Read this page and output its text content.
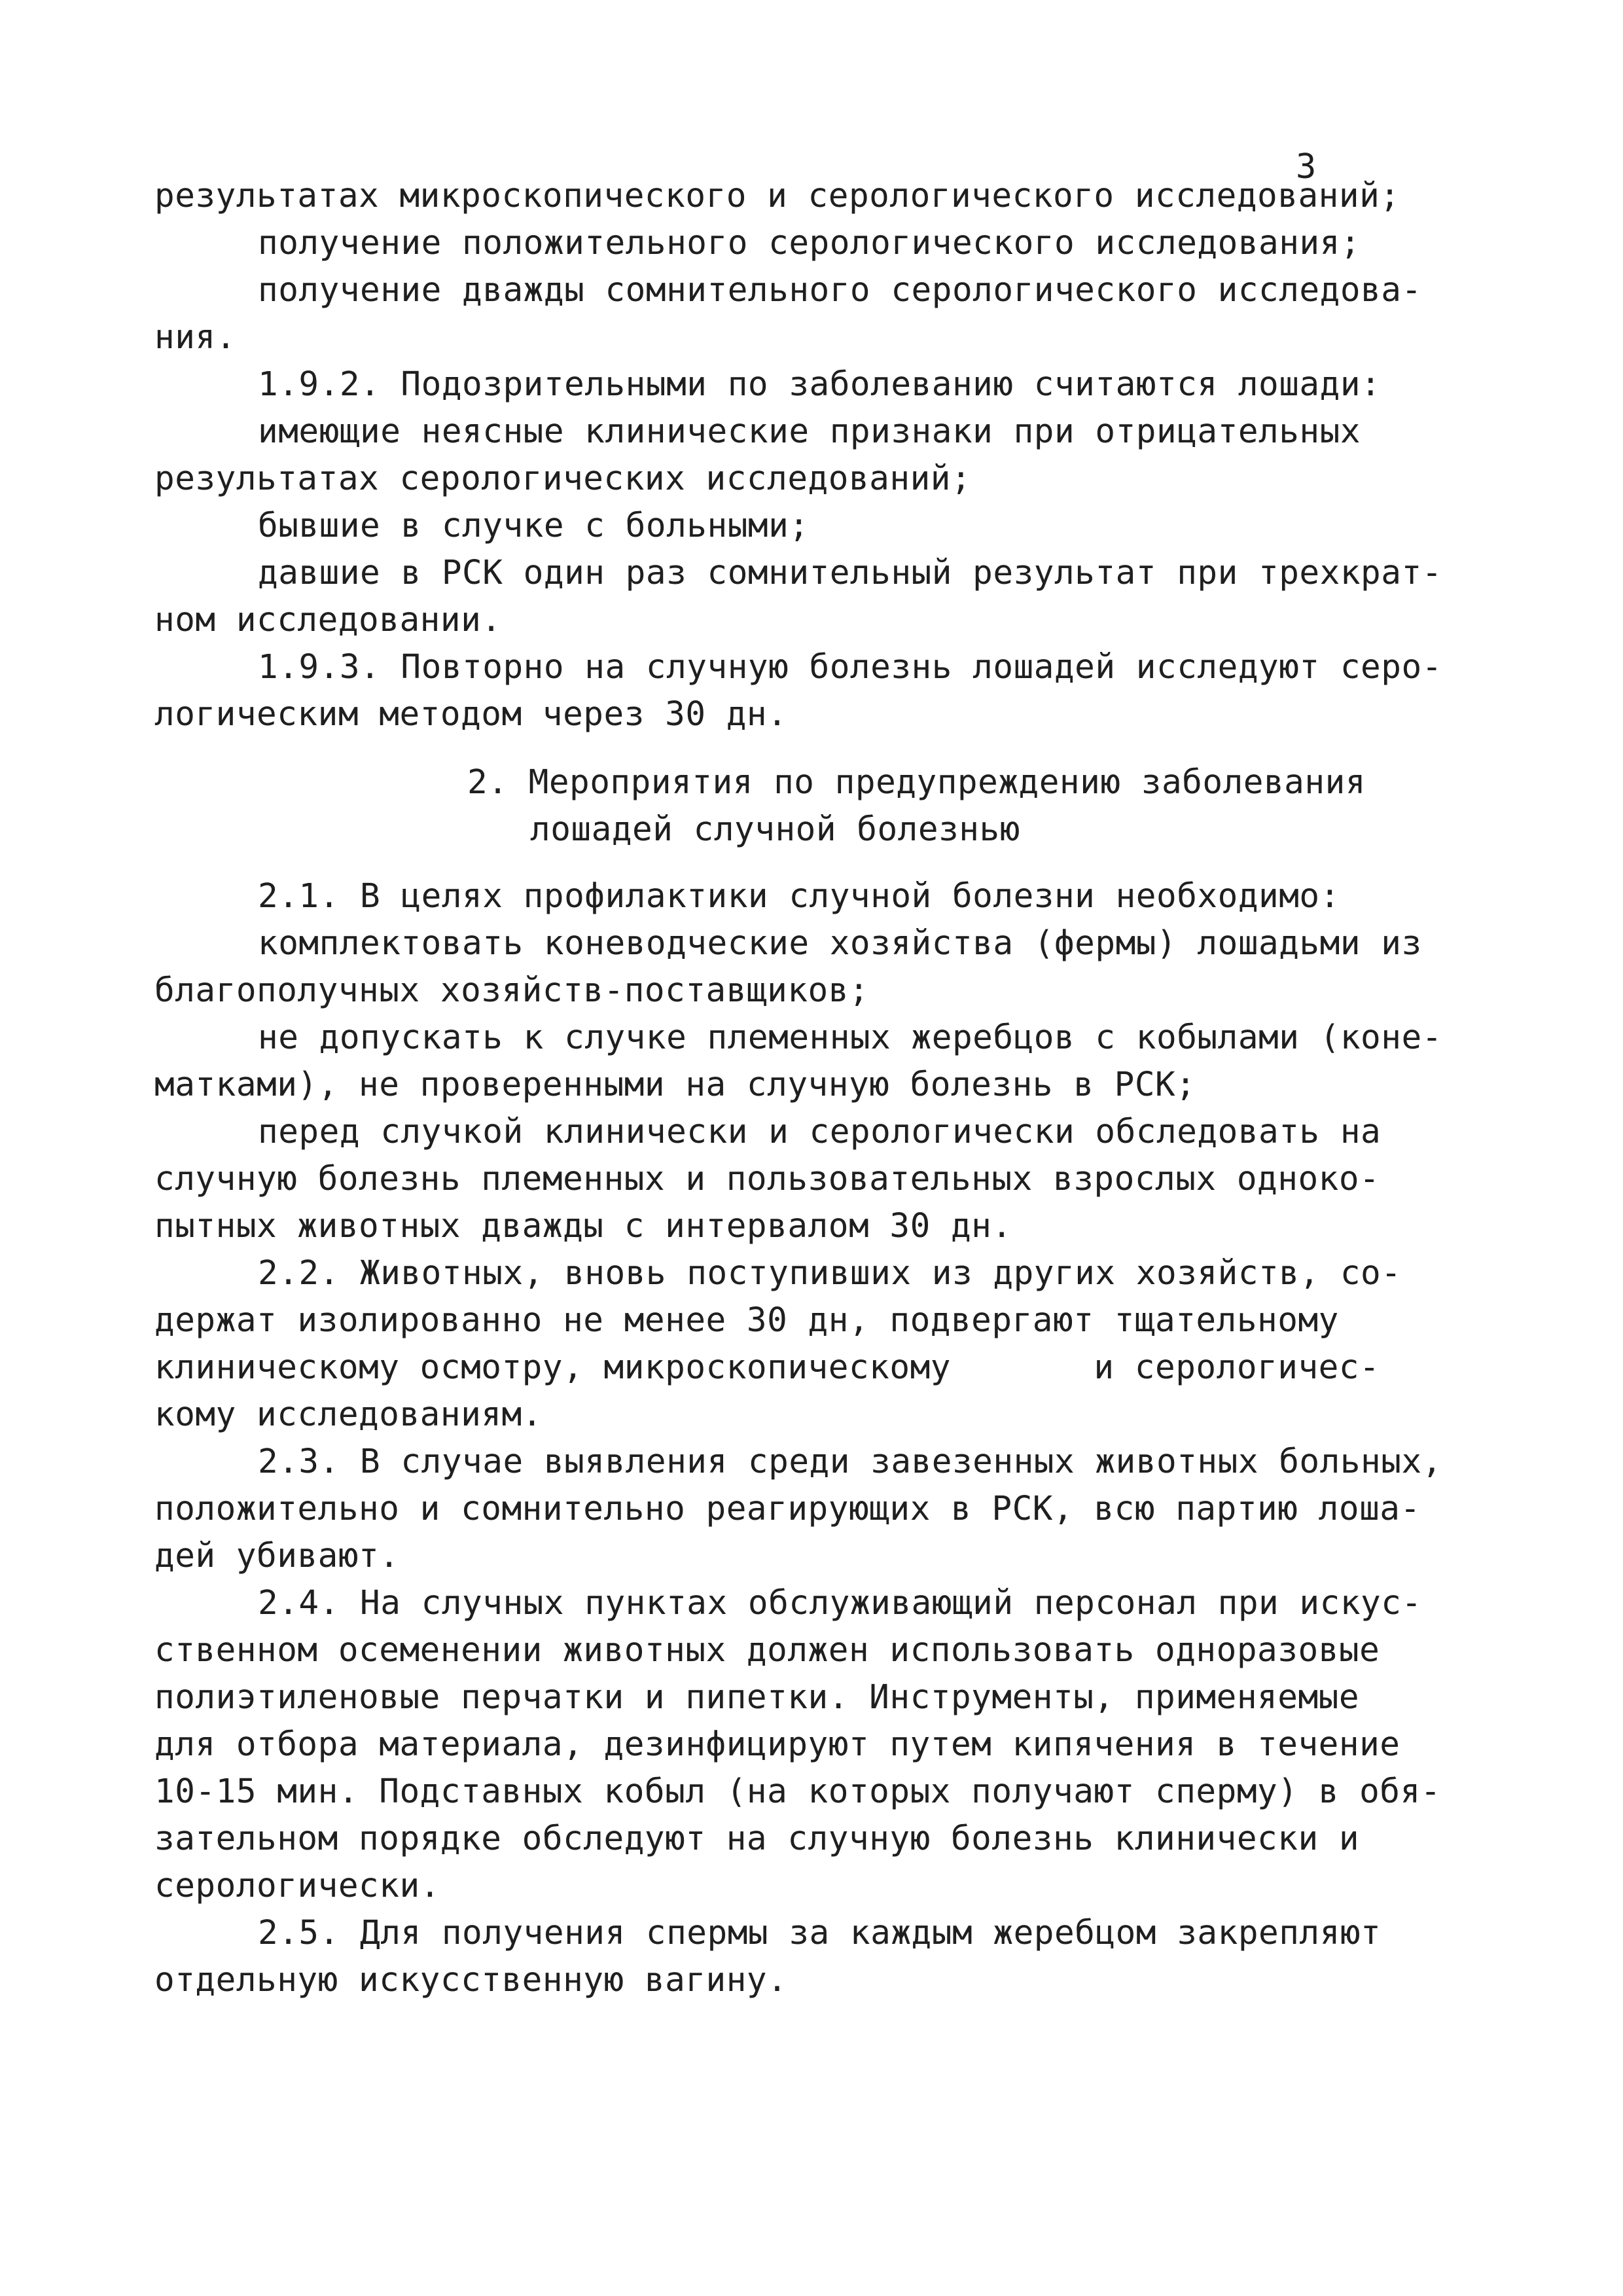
3
результатах микроскопического и серологического исследований;
получение положительного серологического исследования;
получение дважды сомнительного серологического исследова-
ния.
1.9.2. Подозрительными по заболеванию считаются лошади:
имеющие неясные клинические признаки при отрицательных
результатах серологических исследований;
бывшие в случке с больными;
давшие в РСК один раз сомнительный результат при трехкрат-
ном исследовании.
1.9.3. Повторно на случную болезнь лошадей исследуют серо-
логическим методом через 30 дн.
2. Мероприятия по предупреждению заболевания
лошадей случной болезнью
2.1. В целях профилактики случной болезни необходимо:
комплектовать коневодческие хозяйства (фермы) лошадьми из
благополучных хозяйств-поставщиков;
не допускать к случке племенных жеребцов с кобылами (коне-
матками), не проверенными на случную болезнь в РСК;
перед случкой клинически и серологически обследовать на
случную болезнь племенных и пользовательных взрослых одноко-
пытных животных дважды с интервалом 30 дн.
2.2. Животных, вновь поступивших из других хозяйств, со-
держат изолированно не менее 30 дн, подвергают тщательному
клиническому осмотру, микроскопическому       и серологичес-
кому исследованиям.
2.3. В случае выявления среди завезенных животных больных,
положительно и сомнительно реагирующих в РСК, всю партию лоша-
дей убивают.
2.4. На случных пунктах обслуживающий персонал при искус-
ственном осеменении животных должен использовать одноразовые
полиэтиленовые перчатки и пипетки. Инструменты, применяемые
для отбора материала, дезинфицируют путем кипячения в течение
10-15 мин. Подставных кобыл (на которых получают сперму) в обя-
зательном порядке обследуют на случную болезнь клинически и
серологически.
2.5. Для получения спермы за каждым жеребцом закрепляют
отдельную искусственную вагину.
